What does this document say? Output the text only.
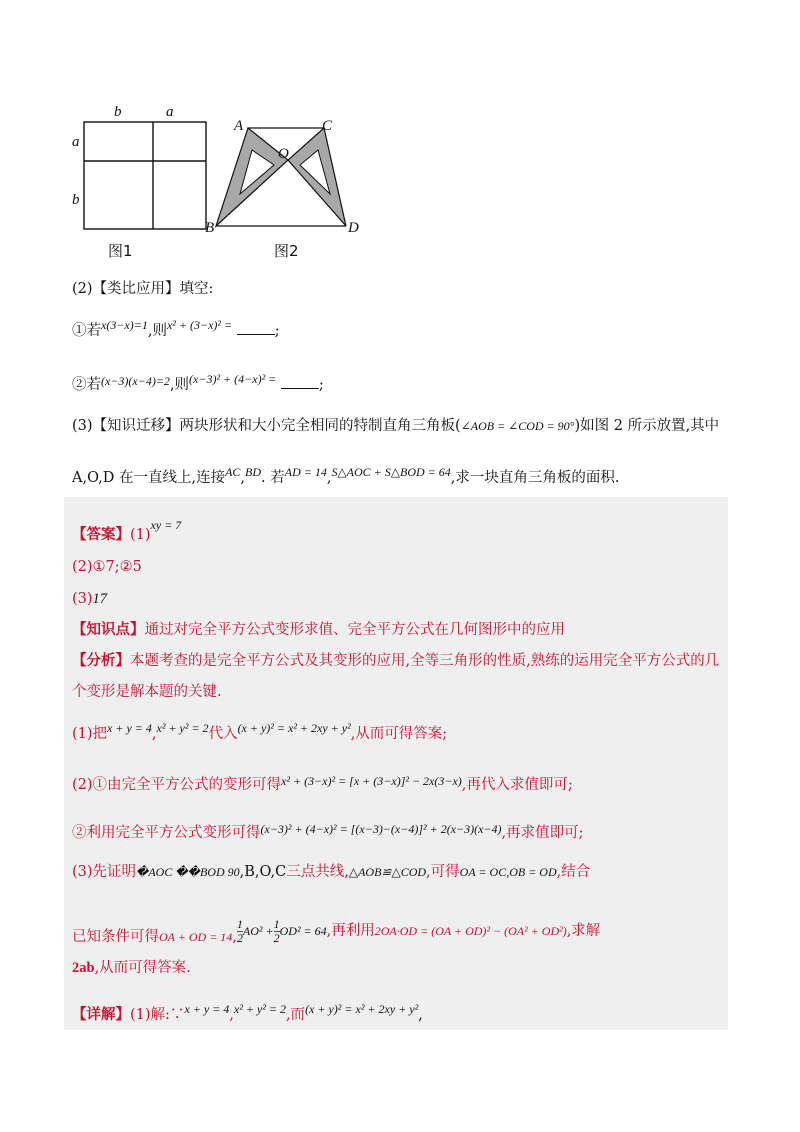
b	a
a
b
图1
A	C
O
B	D
图2
(2)【类比应用】填空:
①若$^{x(3-x)=1}$,则$^{x^2 + (3-x)^2 =}$	;
②若$^{(x-3)(x-4)=2}$,则$^{(x-3)^2 + (4-x)^2 =}$	;
(3)【知识迁移】两块形状和大小完全相同的特制直角三角板(∠AOB = ∠COD = 90°)如图 2 所示放置,其中
A,O,D 在一直线上,连接$^{AC}$,$^{BD}$. 若$^{AD = 14}$,$^{S\triangle AOC + S\triangle BOD = 64}$,求一块直角三角板的面积.
【答案】$(1)^{xy = 7}$
(2)①7;②5
(3)17
【知识点】通过对完全平方公式变形求值、完全平方公式在几何图形中的应用
【分析】本题考查的是完全平方公式及其变形的应用,全等三角形的性质,熟练的运用完全平方公式的几
个变形是解本题的关键.
(1)把$^{x + y = 4}$,$^{x^2 + y^2 = 2}$代入$^{(x + y)^2 = x^2 + 2xy + y^2}$,从而可得答案;
(2)①由完全平方公式的变形可得$^{x^2 + (3-x)^2 = [x + (3-x)]^2 - 2x(3-x)}$,再代入求值即可;
②利用完全平方公式变形可得$^{(x-3)^2 + (4-x)^2 = [(x-3)-(x-4)]^2 + 2(x-3)(x-4)}$,再求值即可;
(3)先证明�AOC ��BOD 90,B,O,C三点共线,△AOB≌△COD,可得OA = OC,OB = OD,结合
已知条件可得$_{OA + OD = 14}$, $\frac{1}{2} AO^2 + \frac{1}{2} OD^2 = 64$,再利用2OA·OD = (OA + OD)² − (OA² + OD²),求解
2ab,从而可得答案.
【详解】(1)解:∵$^{x + y = 4}$,$^{x^2 + y^2 = 2}$,而$^{(x + y)^2 = x^2 + 2xy + y^2}$,
